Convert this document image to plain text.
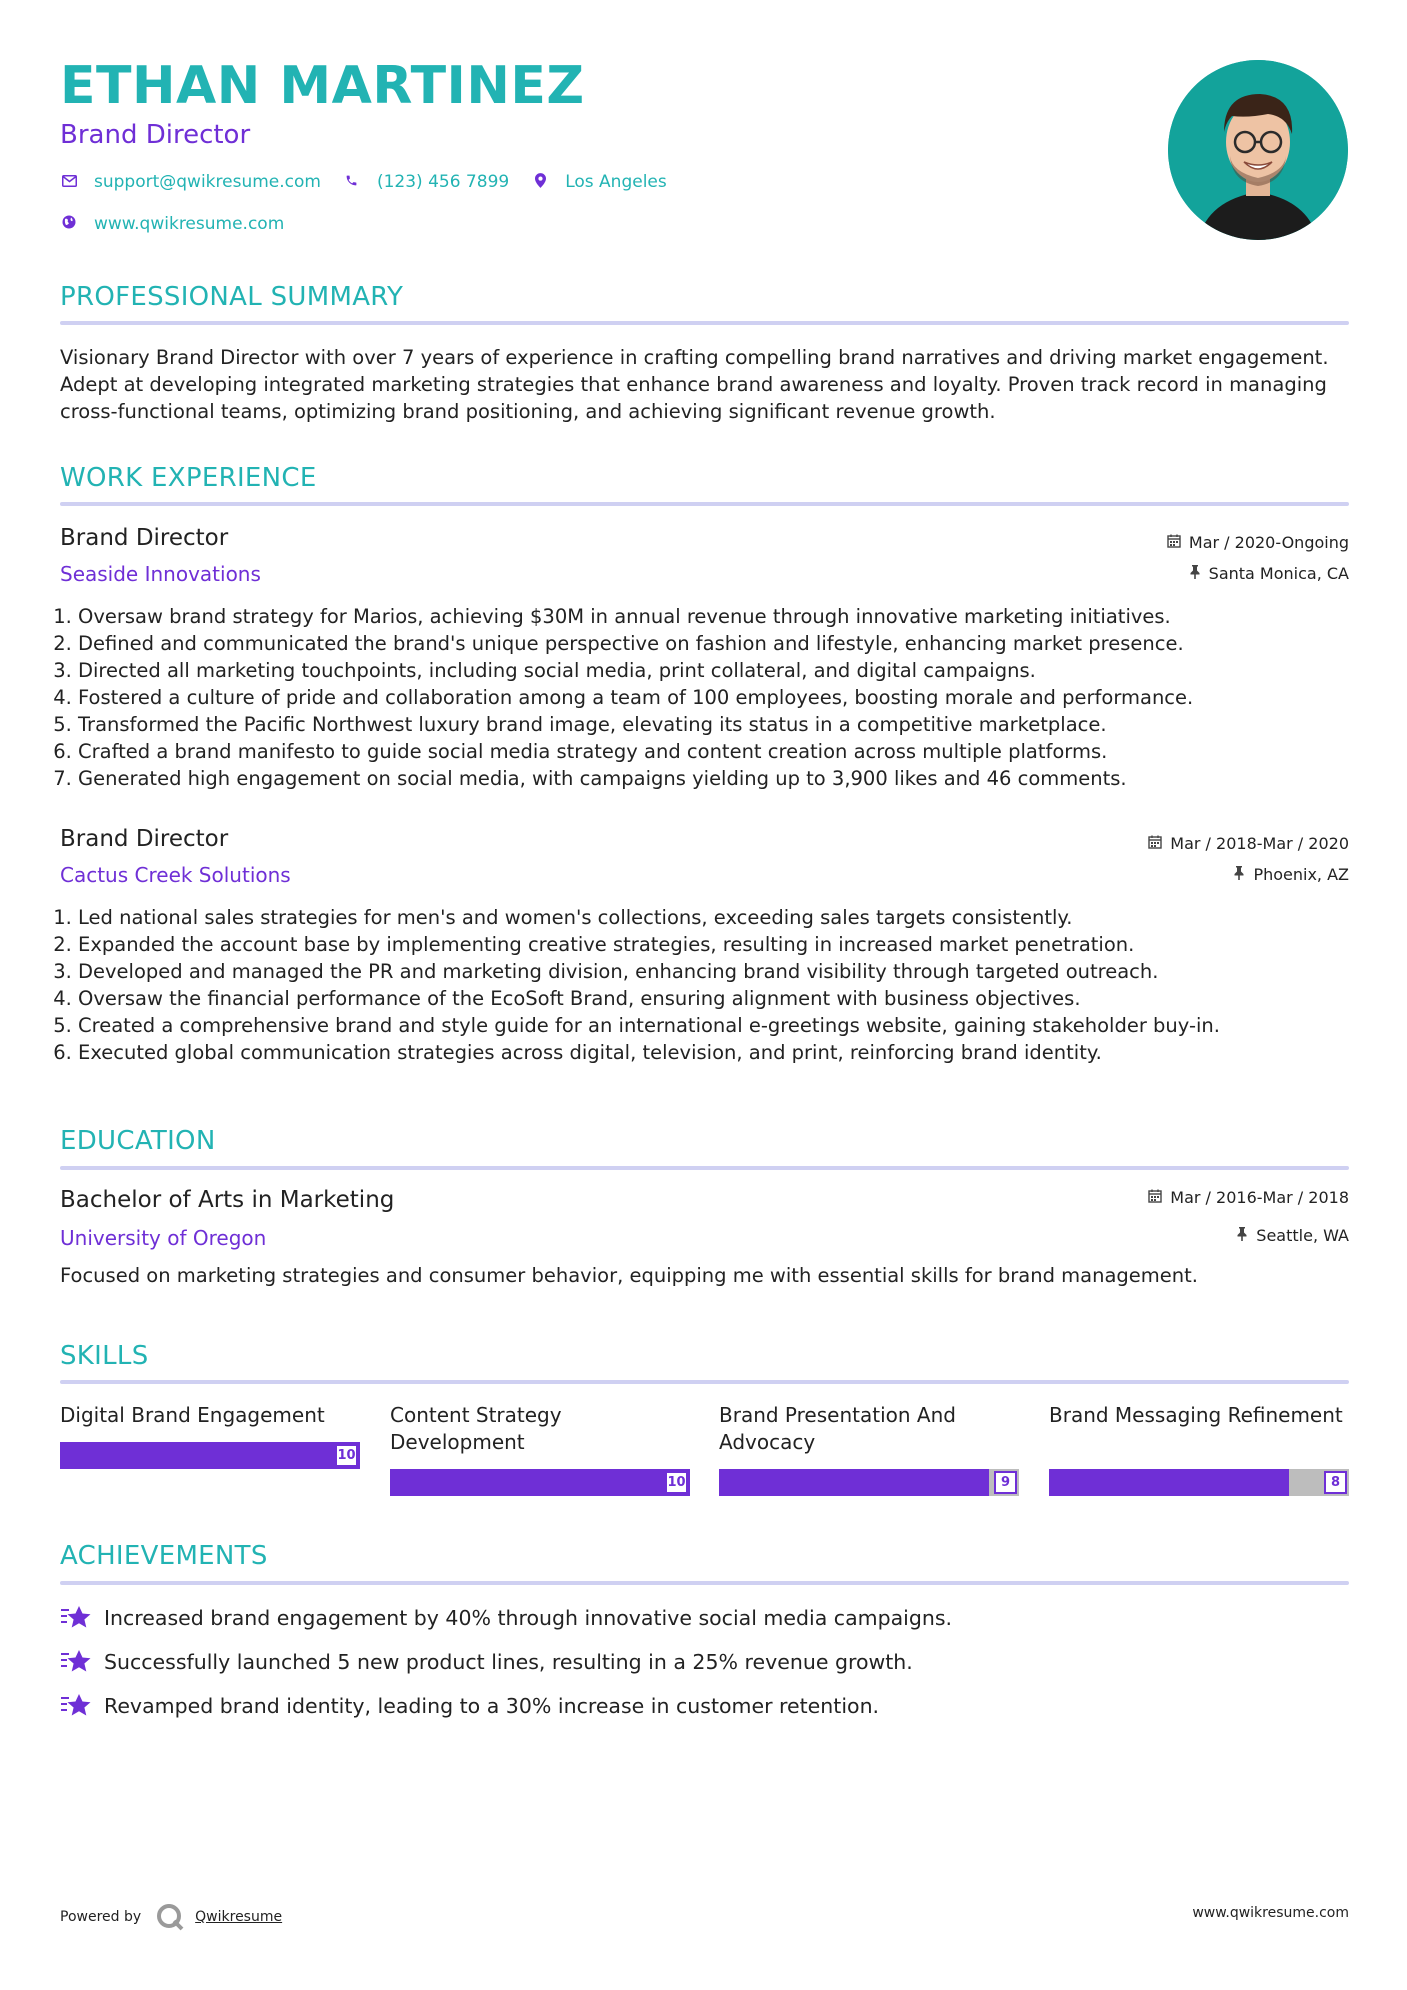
ETHAN MARTINEZ
Brand Director
support@qwikresume.com	(123) 456 7899	Los Angeles
www.qwikresume.com
PROFESSIONAL SUMMARY
Visionary Brand Director with over 7 years of experience in crafting compelling brand narratives and driving market engagement. Adept at developing integrated marketing strategies that enhance brand awareness and loyalty. Proven track record in managing cross-functional teams, optimizing brand positioning, and achieving significant revenue growth.
WORK EXPERIENCE
Brand Director
Seaside Innovations
Mar / 2020-Ongoing
Santa Monica, CA
1. Oversaw brand strategy for Marios, achieving $30M in annual revenue through innovative marketing initiatives.
2. Defined and communicated the brand's unique perspective on fashion and lifestyle, enhancing market presence.
3. Directed all marketing touchpoints, including social media, print collateral, and digital campaigns.
4. Fostered a culture of pride and collaboration among a team of 100 employees, boosting morale and performance.
5. Transformed the Pacific Northwest luxury brand image, elevating its status in a competitive marketplace.
6. Crafted a brand manifesto to guide social media strategy and content creation across multiple platforms.
7. Generated high engagement on social media, with campaigns yielding up to 3,900 likes and 46 comments.
Brand Director
Cactus Creek Solutions
Mar / 2018-Mar / 2020
Phoenix, AZ
1. Led national sales strategies for men's and women's collections, exceeding sales targets consistently.
2. Expanded the account base by implementing creative strategies, resulting in increased market penetration.
3. Developed and managed the PR and marketing division, enhancing brand visibility through targeted outreach.
4. Oversaw the financial performance of the EcoSoft Brand, ensuring alignment with business objectives.
5. Created a comprehensive brand and style guide for an international e-greetings website, gaining stakeholder buy-in.
6. Executed global communication strategies across digital, television, and print, reinforcing brand identity.
EDUCATION
Bachelor of Arts in Marketing
University of Oregon
Mar / 2016-Mar / 2018
Seattle, WA
Focused on marketing strategies and consumer behavior, equipping me with essential skills for brand management.
SKILLS
Digital Brand Engagement
10
Content Strategy Development
10
Brand Presentation And Advocacy
9
Brand Messaging Refinement
8
ACHIEVEMENTS
Increased brand engagement by 40% through innovative social media campaigns.
Successfully launched 5 new product lines, resulting in a 25% revenue growth.
Revamped brand identity, leading to a 30% increase in customer retention.
Powered by	Qwikresume	www.qwikresume.com
